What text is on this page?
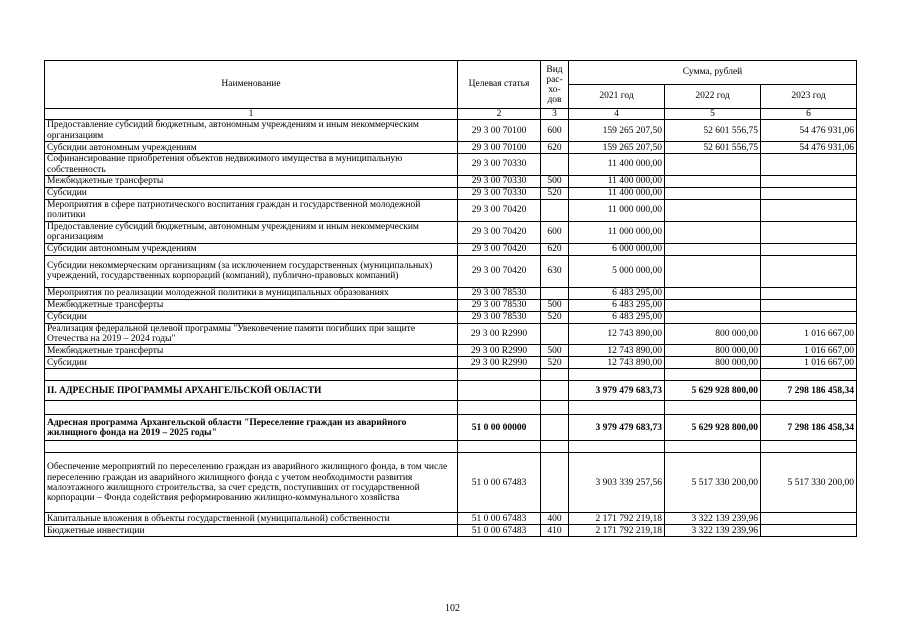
Наименование	Целевая статья	Вид рас-хо-дов	Сумма, рублей		
			2021 год	2022 год	2023 год
1	2	3	4	5	6
Предоставление субсидий бюджетным, автономным учреждениям и иным некоммерческим организациям	29 3 00 70100	600	159 265 207,50	52 601 556,75	54 476 931,06
Субсидии автономным учреждениям	29 3 00 70100	620	159 265 207,50	52 601 556,75	54 476 931,06
Софинансирование приобретения объектов недвижимого имущества в муниципальную собственность	29 3 00 70330		11 400 000,00		
Межбюджетные трансферты	29 3 00 70330	500	11 400 000,00		
Субсидии	29 3 00 70330	520	11 400 000,00		
Мероприятия в сфере патриотического воспитания граждан и государственной молодежной политики	29 3 00 70420		11 000 000,00		
Предоставление субсидий бюджетным, автономным учреждениям и иным некоммерческим организациям	29 3 00 70420	600	11 000 000,00		
Субсидии автономным учреждениям	29 3 00 70420	620	6 000 000,00		
Субсидии некоммерческим организациям (за исключением государственных (муниципальных) учреждений, государственных корпораций (компаний), публично-правовых компаний)	29 3 00 70420	630	5 000 000,00		
Мероприятия по реализации молодежной политики в муниципальных образованиях	29 3 00 78530		6 483 295,00		
Межбюджетные трансферты	29 3 00 78530	500	6 483 295,00		
Субсидии	29 3 00 78530	520	6 483 295,00		
Реализация федеральной целевой программы "Увековечение памяти погибших при защите Отечества на 2019 – 2024 годы"	29 3 00 R2990		12 743 890,00	800 000,00	1 016 667,00
Межбюджетные трансферты	29 3 00 R2990	500	12 743 890,00	800 000,00	1 016 667,00
Субсидии	29 3 00 R2990	520	12 743 890,00	800 000,00	1 016 667,00

II. АДРЕСНЫЕ ПРОГРАММЫ АРХАНГЕЛЬСКОЙ ОБЛАСТИ			3 979 479 683,73	5 629 928 800,00	7 298 186 458,34

Адресная программа Архангельской области "Переселение граждан из аварийного жилищного фонда на 2019 – 2025 годы"	51 0 00 00000		3 979 479 683,73	5 629 928 800,00	7 298 186 458,34

Обеспечение мероприятий по переселению граждан из аварийного жилищного фонда, в том числе переселению граждан из аварийного жилищного фонда с учетом необходимости развития малоэтажного жилищного строительства, за счет средств, поступивших от государственной корпорации – Фонда содействия реформированию жилищно-коммунального хозяйства	51 0 00 67483		3 903 339 257,56	5 517 330 200,00	5 517 330 200,00
Капитальные вложения в объекты государственной (муниципальной) собственности	51 0 00 67483	400	2 171 792 219,18	3 322 139 239,96	
Бюджетные инвестиции	51 0 00 67483	410	2 171 792 219,18	3 322 139 239,96	
102
